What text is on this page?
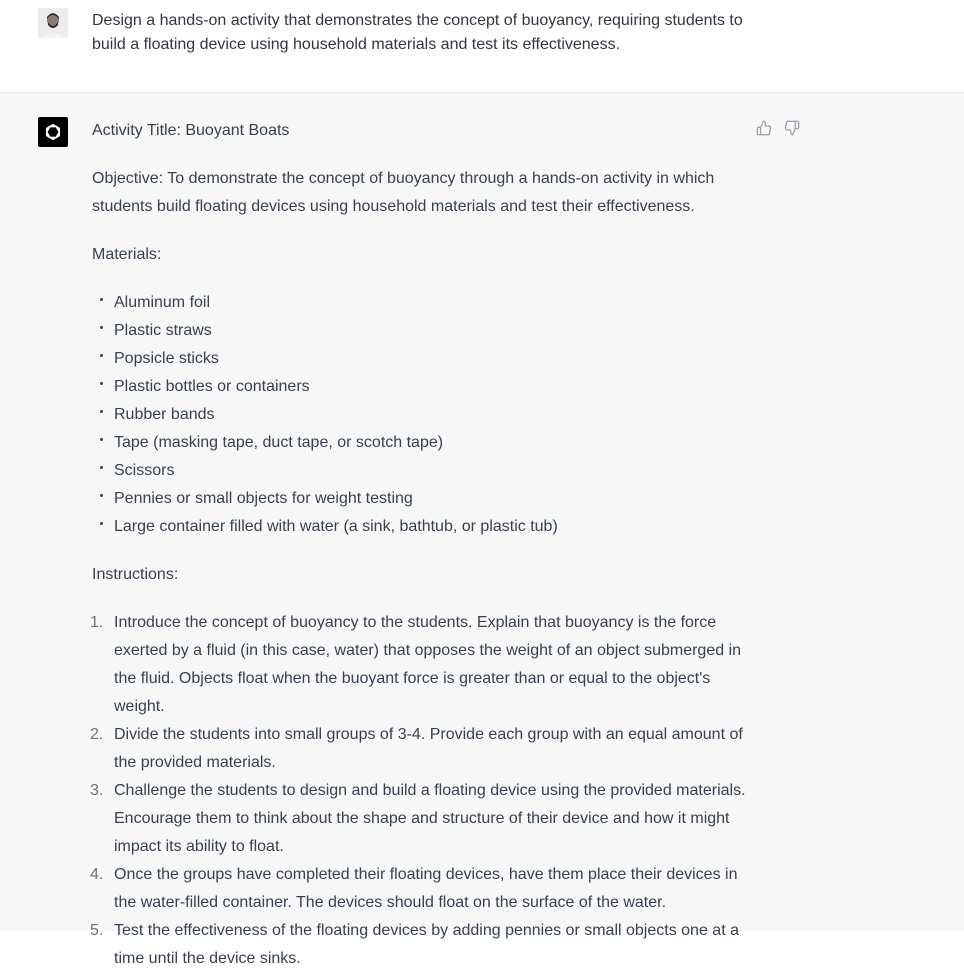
Design a hands-on activity that demonstrates the concept of buoyancy, requiring students to build a floating device using household materials and test its effectiveness.

Activity Title: Buoyant Boats

Objective: To demonstrate the concept of buoyancy through a hands-on activity in which students build floating devices using household materials and test their effectiveness.

Materials:

Aluminum foil
Plastic straws
Popsicle sticks
Plastic bottles or containers
Rubber bands
Tape (masking tape, duct tape, or scotch tape)
Scissors
Pennies or small objects for weight testing
Large container filled with water (a sink, bathtub, or plastic tub)

Instructions:

1. Introduce the concept of buoyancy to the students. Explain that buoyancy is the force exerted by a fluid (in this case, water) that opposes the weight of an object submerged in the fluid. Objects float when the buoyant force is greater than or equal to the object's weight.
2. Divide the students into small groups of 3-4. Provide each group with an equal amount of the provided materials.
3. Challenge the students to design and build a floating device using the provided materials. Encourage them to think about the shape and structure of their device and how it might impact its ability to float.
4. Once the groups have completed their floating devices, have them place their devices in the water-filled container. The devices should float on the surface of the water.
5. Test the effectiveness of the floating devices by adding pennies or small objects one at a time until the device sinks.
